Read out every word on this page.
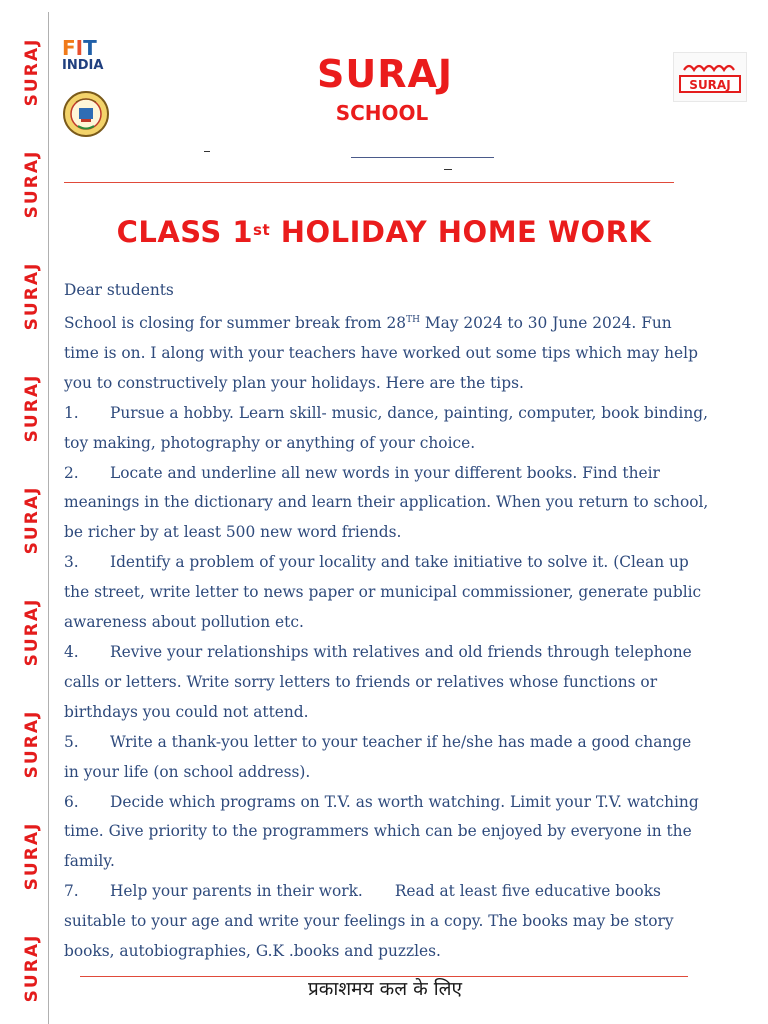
SURAJ
SURAJ
SURAJ
SURAJ
SURAJ
SURAJ
SURAJ
SURAJ
SURAJ
F I T
INDIA
SURAJ
SURAJ
SCHOOL
CLASS 1st HOLIDAY HOME WORK

Dear students

School is closing for summer break from 28TH May 2024 to 30 June 2024. Fun time is on. I along with your teachers have worked out some tips which may help you to constructively plan your holidays. Here are the tips.

1. Pursue a hobby. Learn skill- music, dance, painting, computer, book binding, toy making, photography or anything of your choice.

2. Locate and underline all new words in your different books. Find their meanings in the dictionary and learn their application. When you return to school, be richer by at least 500 new word friends.

3. Identify a problem of your locality and take initiative to solve it. (Clean up the street, write letter to news paper or municipal commissioner, generate public awareness about pollution etc.

4. Revive your relationships with relatives and old friends through telephone calls or letters. Write sorry letters to friends or relatives whose functions or birthdays you could not attend.

5. Write a thank-you letter to your teacher if he/she has made a good change in your life (on school address).

6. Decide which programs on T.V. as worth watching. Limit your T.V. watching time. Give priority to the programmers which can be enjoyed by everyone in the family.

7. Help your parents in their work. Read at least five educative books suitable to your age and write your feelings in a copy. The books may be story books, autobiographies, G.K .books and puzzles.

प्रकाशमय कल के लिए
